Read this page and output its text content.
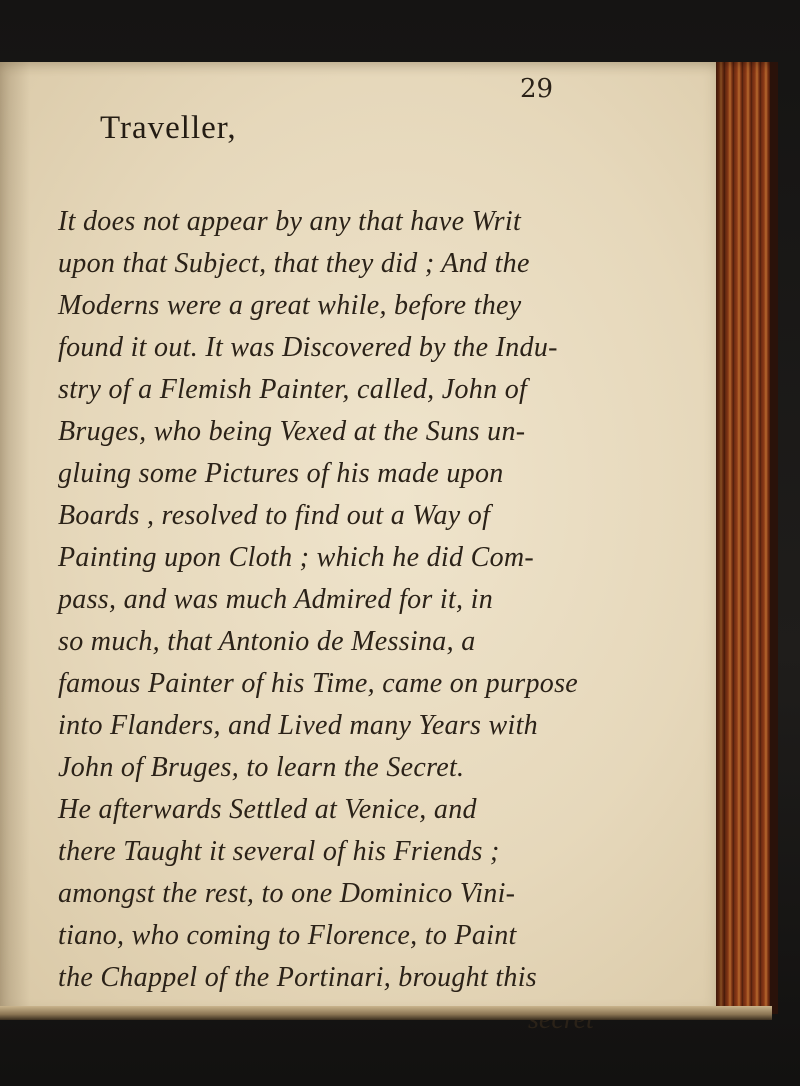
29
Traveller,
It does not appear by any that have Writ
upon that Subject, that they did ; And the
Moderns were a great while, before they
found it out. It was Discovered by the Indu-
stry of a Flemish Painter, called, John of
Bruges, who being Vexed at the Suns un-
gluing some Pictures of his made upon
Boards , resolved to find out a Way of
Painting upon Cloth ; which he did Com-
pass, and was much Admired for it, in
so much, that Antonio de Messina, a
famous Painter of his Time, came on purpose
into Flanders, and Lived many Years with
John of Bruges, to learn the Secret.
He afterwards Settled at Venice, and
there Taught it several of his Friends ;
amongst the rest, to one Dominico Vini-
tiano, who coming to Florence, to Paint
the Chappel of the Portinari, brought this
